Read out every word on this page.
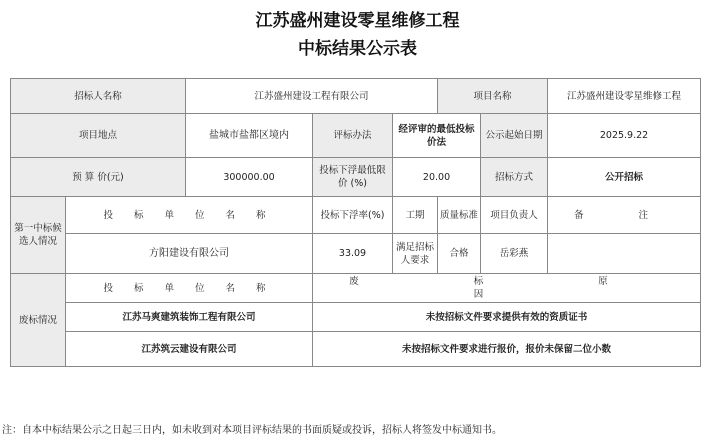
江苏盛州建设零星维修工程
中标结果公示表
招标人名称		江苏盛州建设工程有限公司			项目名称		江苏盛州建设零星维修工程
项目地点		盐城市盐都区境内	评标办法	经评审的最低投标价法		公示起始日期	2025.9.22
预 算 价(元)		300000.00	投标下浮最低限价 (%)	20.00		招标方式	公开招标
第一中标候选人情况	投 标 单 位 名 称		投标下浮率(%)	工期	质量标准	项目负责人	备 注
	方阳建设有限公司		33.09	满足招标人要求	合格	岳彩燕	
废标情况	投 标 单 位 名 称		废 标 原 因				
	江苏马爽建筑装饰工程有限公司		未按招标文件要求提供有效的资质证书				
	江苏筑云建设有限公司		未按招标文件要求进行报价，报价未保留二位小数				
注：自本中标结果公示之日起三日内，如未收到对本项目评标结果的书面质疑或投诉，招标人将签发中标通知书。
